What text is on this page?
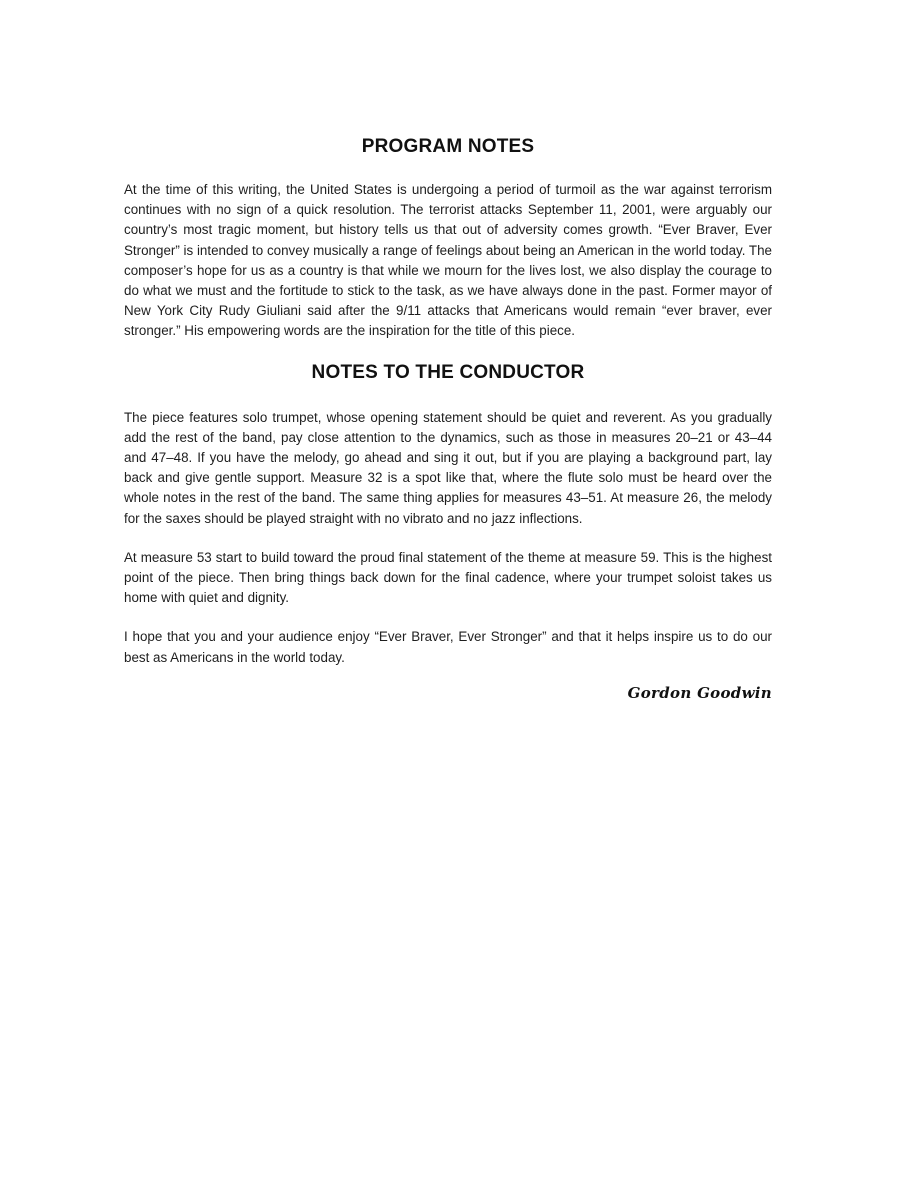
PROGRAM NOTES

At the time of this writing, the United States is undergoing a period of turmoil as the war against terrorism continues with no sign of a quick resolution. The terrorist attacks September 11, 2001, were arguably our country’s most tragic moment, but history tells us that out of adversity comes growth. “Ever Braver, Ever Stronger” is intended to convey musically a range of feelings about being an American in the world today. The composer’s hope for us as a country is that while we mourn for the lives lost, we also display the courage to do what we must and the fortitude to stick to the task, as we have always done in the past. Former mayor of New York City Rudy Giuliani said after the 9/11 attacks that Americans would remain “ever braver, ever stronger.” His empowering words are the inspiration for the title of this piece.

NOTES TO THE CONDUCTOR

The piece features solo trumpet, whose opening statement should be quiet and reverent. As you gradually add the rest of the band, pay close attention to the dynamics, such as those in measures 20–21 or 43–44 and 47–48. If you have the melody, go ahead and sing it out, but if you are playing a background part, lay back and give gentle support. Measure 32 is a spot like that, where the flute solo must be heard over the whole notes in the rest of the band. The same thing applies for measures 43–51. At measure 26, the melody for the saxes should be played straight with no vibrato and no jazz inflections.

At measure 53 start to build toward the proud final statement of the theme at measure 59. This is the highest point of the piece. Then bring things back down for the final cadence, where your trumpet soloist takes us home with quiet and dignity.

I hope that you and your audience enjoy “Ever Braver, Ever Stronger” and that it helps inspire us to do our best as Americans in the world today.

Gordon Goodwin
